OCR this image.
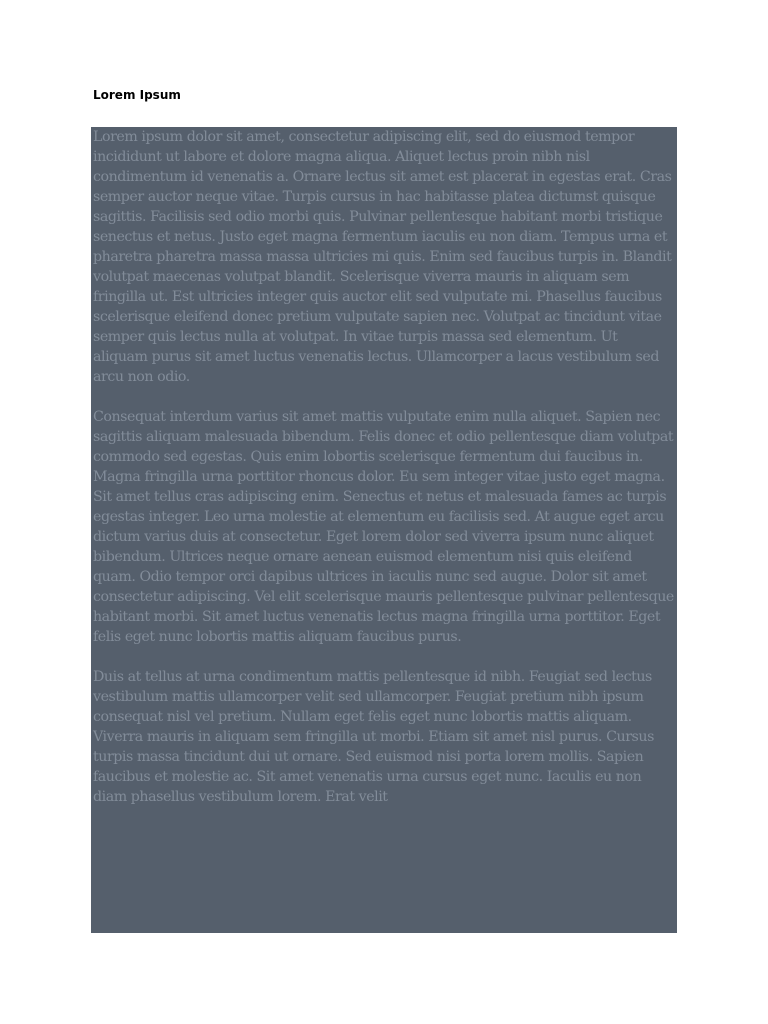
Lorem Ipsum

Lorem ipsum dolor sit amet, consectetur adipiscing elit, sed do eiusmod tempor incididunt ut labore et dolore magna aliqua. Aliquet lectus proin nibh nisl condimentum id venenatis a. Ornare lectus sit amet est placerat in egestas erat. Cras semper auctor neque vitae. Turpis cursus in hac habitasse platea dictumst quisque sagittis. Facilisis sed odio morbi quis. Pulvinar pellentesque habitant morbi tristique senectus et netus. Justo eget magna fermentum iaculis eu non diam. Tempus urna et pharetra pharetra massa massa ultricies mi quis. Enim sed faucibus turpis in. Blandit volutpat maecenas volutpat blandit. Scelerisque viverra mauris in aliquam sem fringilla ut. Est ultricies integer quis auctor elit sed vulputate mi. Phasellus faucibus scelerisque eleifend donec pretium vulputate sapien nec. Volutpat ac tincidunt vitae semper quis lectus nulla at volutpat. In vitae turpis massa sed elementum. Ut aliquam purus sit amet luctus venenatis lectus. Ullamcorper a lacus vestibulum sed arcu non odio.

Consequat interdum varius sit amet mattis vulputate enim nulla aliquet. Sapien nec sagittis aliquam malesuada bibendum. Felis donec et odio pellentesque diam volutpat commodo sed egestas. Quis enim lobortis scelerisque fermentum dui faucibus in. Magna fringilla urna porttitor rhoncus dolor. Eu sem integer vitae justo eget magna. Sit amet tellus cras adipiscing enim. Senectus et netus et malesuada fames ac turpis egestas integer. Leo urna molestie at elementum eu facilisis sed. At augue eget arcu dictum varius duis at consectetur. Eget lorem dolor sed viverra ipsum nunc aliquet bibendum. Ultrices neque ornare aenean euismod elementum nisi quis eleifend quam. Odio tempor orci dapibus ultrices in iaculis nunc sed augue. Dolor sit amet consectetur adipiscing. Vel elit scelerisque mauris pellentesque pulvinar pellentesque habitant morbi. Sit amet luctus venenatis lectus magna fringilla urna porttitor. Eget felis eget nunc lobortis mattis aliquam faucibus purus.

Duis at tellus at urna condimentum mattis pellentesque id nibh. Feugiat sed lectus vestibulum mattis ullamcorper velit sed ullamcorper. Feugiat pretium nibh ipsum consequat nisl vel pretium. Nullam eget felis eget nunc lobortis mattis aliquam. Viverra mauris in aliquam sem fringilla ut morbi. Etiam sit amet nisl purus. Cursus turpis massa tincidunt dui ut ornare. Sed euismod nisi porta lorem mollis. Sapien faucibus et molestie ac. Sit amet venenatis urna cursus eget nunc. Iaculis eu non diam phasellus vestibulum lorem. Erat velit
